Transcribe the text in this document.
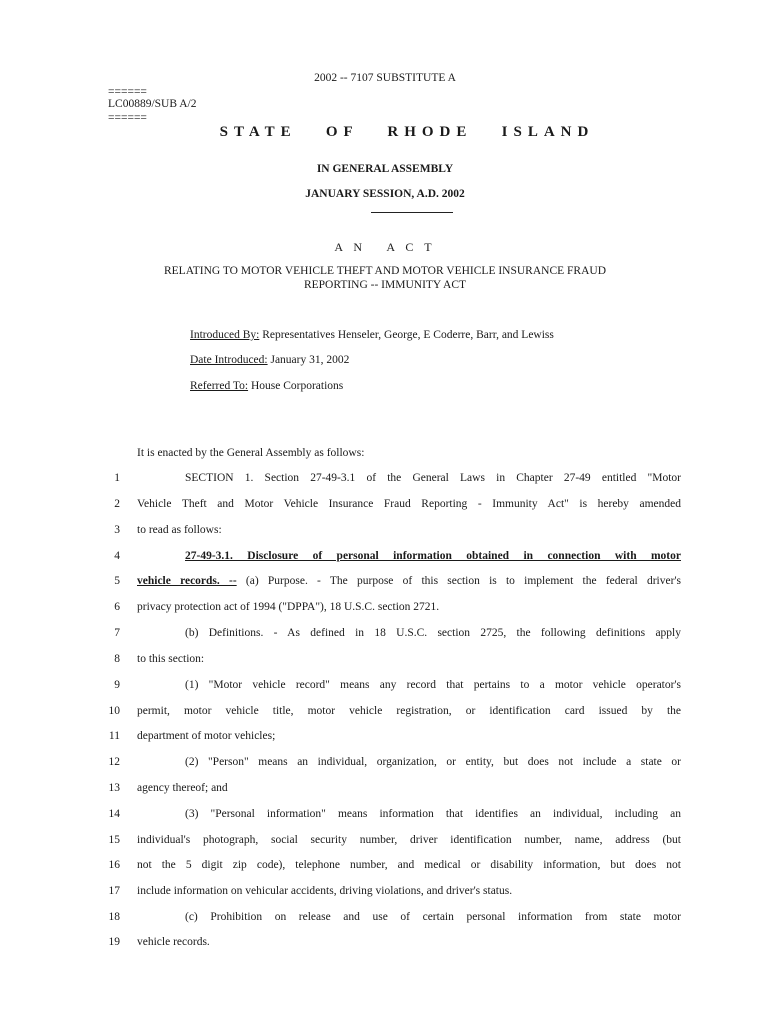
2002 -- 7107 SUBSTITUTE A
======
LC00889/SUB A/2
======
STATE   OF   RHODE   ISLAND
IN GENERAL ASSEMBLY
JANUARY SESSION, A.D. 2002
A N   A C T
RELATING TO MOTOR VEHICLE THEFT AND MOTOR VEHICLE INSURANCE FRAUD
REPORTING -- IMMUNITY ACT
Introduced By: Representatives Henseler, George, E Coderre, Barr, and Lewiss
Date Introduced: January 31, 2002
Referred To: House Corporations
It is enacted by the General Assembly as follows:
1	SECTION 1. Section 27-49-3.1 of the General Laws in Chapter 27-49 entitled "Motor
2 Vehicle Theft and Motor Vehicle Insurance Fraud Reporting - Immunity Act" is hereby amended
3 to read as follows:
4	27-49-3.1. Disclosure of personal information obtained in connection with motor
5 vehicle records. -- (a) Purpose. - The purpose of this section is to implement the federal driver's
6 privacy protection act of 1994 ("DPPA"), 18 U.S.C. section 2721.
7	(b) Definitions. - As defined in 18 U.S.C. section 2725, the following definitions apply
8 to this section:
9	(1) "Motor vehicle record" means any record that pertains to a motor vehicle operator's
10 permit, motor vehicle title, motor vehicle registration, or identification card issued by the
11 department of motor vehicles;
12	(2) "Person" means an individual, organization, or entity, but does not include a state or
13 agency thereof; and
14	(3) "Personal information" means information that identifies an individual, including an
15 individual's photograph, social security number, driver identification number, name, address (but
16 not the 5 digit zip code), telephone number, and medical or disability information, but does not
17 include information on vehicular accidents, driving violations, and driver's status.
18	(c) Prohibition on release and use of certain personal information from state motor
19 vehicle records.
